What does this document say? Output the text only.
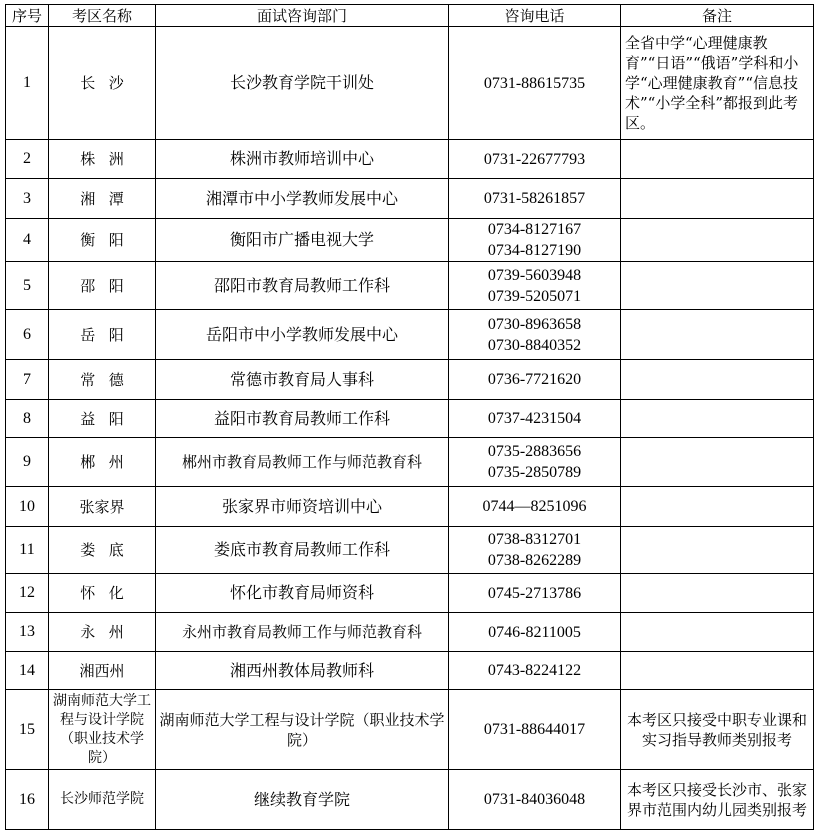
序号	考区名称	面试咨询部门	咨询电话	备注
1	长沙	长沙教育学院干训处	0731-88615735	全省中学“心理健康教育”“日语”“俄语”学科和小学“心理健康教育”“信息技术”“小学全科”都报到此考区。
2	株洲	株洲市教师培训中心	0731-22677793	

3	湘潭	湘潭市中小学教师发展中心	0731-58261857	

4	衡阳	衡阳市广播电视大学	0734-8127167
0734-8127190	

5	邵阳	邵阳市教育局教师工作科	0739-5603948
0739-5205071	

6	岳阳	岳阳市中小学教师发展中心	0730-8963658
0730-8840352	

7	常德	常德市教育局人事科	0736-7721620	

8	益阳	益阳市教育局教师工作科	0737-4231504	

9	郴州	郴州市教育局教师工作与师范教育科	0735-2883656
0735-2850789	

10	张家界	张家界市师资培训中心	0744—8251096	

11	娄底	娄底市教育局教师工作科	0738-8312701
0738-8262289	

12	怀化	怀化市教育局师资科	0745-2713786	

13	永州	永州市教育局教师工作与师范教育科	0746-8211005	

14	湘西州	湘西州教体局教师科	0743-8224122	

15	湖南师范大学工程与设计学院（职业技术学院）	湖南师范大学工程与设计学院（职业技术学院）	0731-88644017	本考区只接受中职专业课和实习指导教师类别报考
16	长沙师范学院	继续教育学院	0731-84036048	本考区只接受长沙市、张家界市范围内幼儿园类别报考
